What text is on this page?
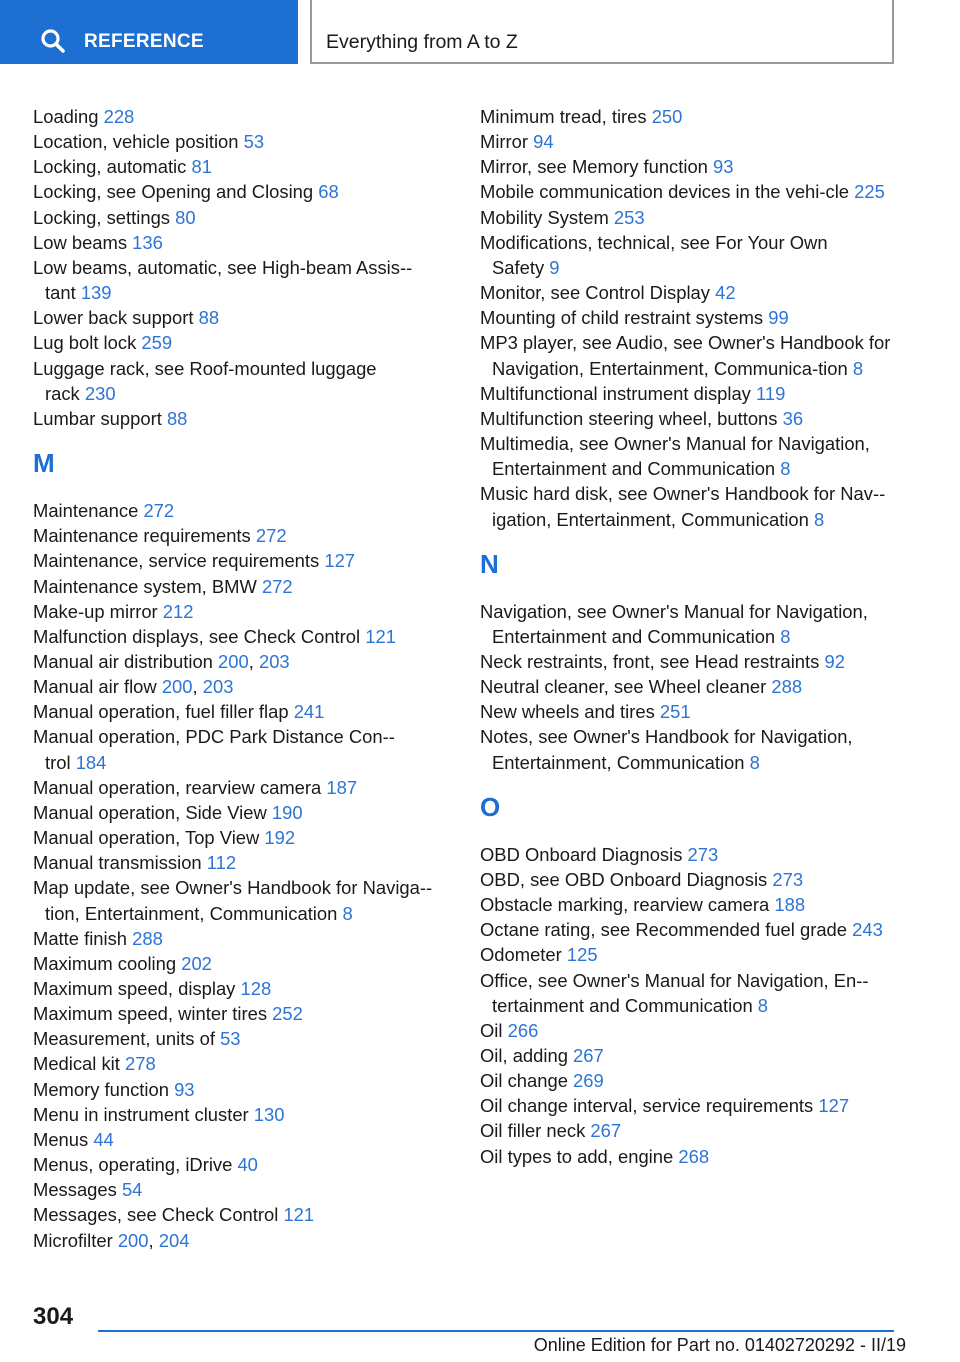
REFERENCE	Everything from A to Z
Loading 228
Location, vehicle position 53
Locking, automatic 81
Locking, see Opening and Closing 68
Locking, settings 80
Low beams 136
Low beams, automatic, see High-beam Assis-tant 139
Lower back support 88
Lug bolt lock 259
Luggage rack, see Roof-mounted luggage rack 230
Lumbar support 88
M
Maintenance 272
Maintenance requirements 272
Maintenance, service requirements 127
Maintenance system, BMW 272
Make-up mirror 212
Malfunction displays, see Check Control 121
Manual air distribution 200, 203
Manual air flow 200, 203
Manual operation, fuel filler flap 241
Manual operation, PDC Park Distance Con-trol 184
Manual operation, rearview camera 187
Manual operation, Side View 190
Manual operation, Top View 192
Manual transmission 112
Map update, see Owner's Handbook for Naviga-tion, Entertainment, Communication 8
Matte finish 288
Maximum cooling 202
Maximum speed, display 128
Maximum speed, winter tires 252
Measurement, units of 53
Medical kit 278
Memory function 93
Menu in instrument cluster 130
Menus 44
Menus, operating, iDrive 40
Messages 54
Messages, see Check Control 121
Microfilter 200, 204
Minimum tread, tires 250
Mirror 94
Mirror, see Memory function 93
Mobile communication devices in the vehi-cle 225
Mobility System 253
Modifications, technical, see For Your Own Safety 9
Monitor, see Control Display 42
Mounting of child restraint systems 99
MP3 player, see Audio, see Owner's Handbook for Navigation, Entertainment, Communica-tion 8
Multifunctional instrument display 119
Multifunction steering wheel, buttons 36
Multimedia, see Owner's Manual for Navigation, Entertainment and Communication 8
Music hard disk, see Owner's Handbook for Nav-igation, Entertainment, Communication 8
N
Navigation, see Owner's Manual for Navigation, Entertainment and Communication 8
Neck restraints, front, see Head restraints 92
Neutral cleaner, see Wheel cleaner 288
New wheels and tires 251
Notes, see Owner's Handbook for Navigation, Entertainment, Communication 8
O
OBD Onboard Diagnosis 273
OBD, see OBD Onboard Diagnosis 273
Obstacle marking, rearview camera 188
Octane rating, see Recommended fuel grade 243
Odometer 125
Office, see Owner's Manual for Navigation, En-tertainment and Communication 8
Oil 266
Oil, adding 267
Oil change 269
Oil change interval, service requirements 127
Oil filler neck 267
Oil types to add, engine 268
304
Online Edition for Part no. 01402720292 - II/19
